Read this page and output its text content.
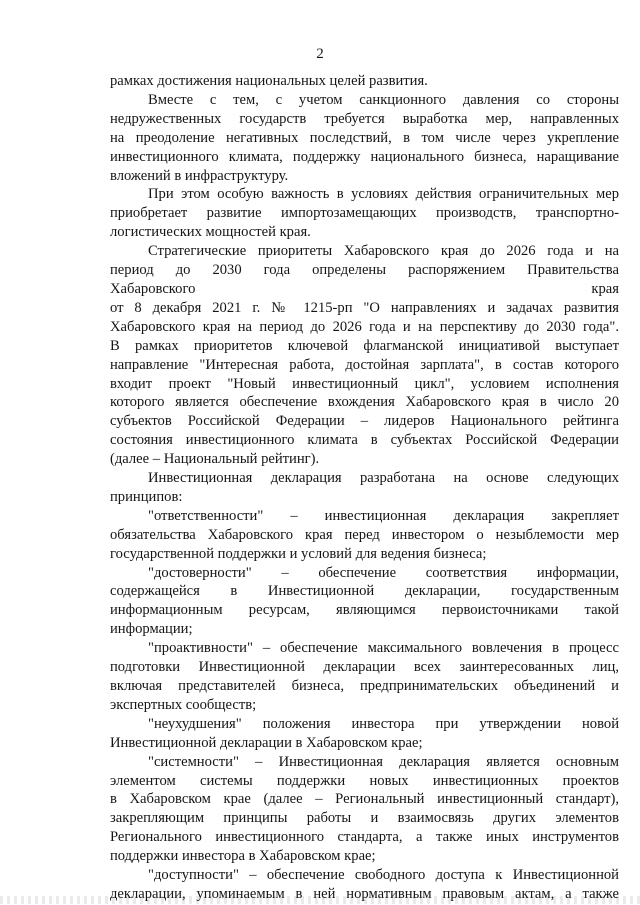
2

рамках достижения национальных целей развития.

Вместе с тем, с учетом санкционного давления со стороны

недружественных государств требуется выработка мер, направленных

на преодоление негативных последствий, в том числе через укрепление

инвестиционного климата, поддержку национального бизнеса, наращивание

вложений в инфраструктуру.

При этом особую важность в условиях действия ограничительных мер

приобретает развитие импортозамещающих производств, транспортно-

логистических мощностей края.

Стратегические приоритеты Хабаровского края до 2026 года и на

период до 2030 года определены распоряжением Правительства

Хабаровского края

от 8 декабря 2021 г. № 1215-рп "О направлениях и задачах развития

Хабаровского края на период до 2026 года и на перспективу до 2030 года".

В рамках приоритетов ключевой флагманской инициативой выступает

направление "Интересная работа, достойная зарплата", в состав которого

входит проект "Новый инвестиционный цикл", условием исполнения

которого является обеспечение вхождения Хабаровского края в число 20

субъектов Российской Федерации – лидеров Национального рейтинга

состояния инвестиционного климата в субъектах Российской Федерации

(далее – Национальный рейтинг).

Инвестиционная декларация разработана на основе следующих

принципов:

"ответственности" – инвестиционная декларация закрепляет

обязательства Хабаровского края перед инвестором о незыблемости мер

государственной поддержки и условий для ведения бизнеса;

"достоверности" – обеспечение соответствия информации,

содержащейся в Инвестиционной декларации, государственным

информационным ресурсам, являющимся первоисточниками такой

информации;

"проактивности" – обеспечение максимального вовлечения в процесс

подготовки Инвестиционной декларации всех заинтересованных лиц,

включая представителей бизнеса, предпринимательских объединений и

экспертных сообществ;

"неухудшения" положения инвестора при утверждении новой

Инвестиционной декларации в Хабаровском крае;

"системности" – Инвестиционная декларация является основным

элементом системы поддержки новых инвестиционных проектов

в Хабаровском крае (далее – Региональный инвестиционный стандарт),

закрепляющим принципы работы и взаимосвязь других элементов

Регионального инвестиционного стандарта, а также иных инструментов

поддержки инвестора в Хабаровском крае;

"доступности" – обеспечение свободного доступа к Инвестиционной

декларации, упоминаемым в ней нормативным правовым актам, а также
